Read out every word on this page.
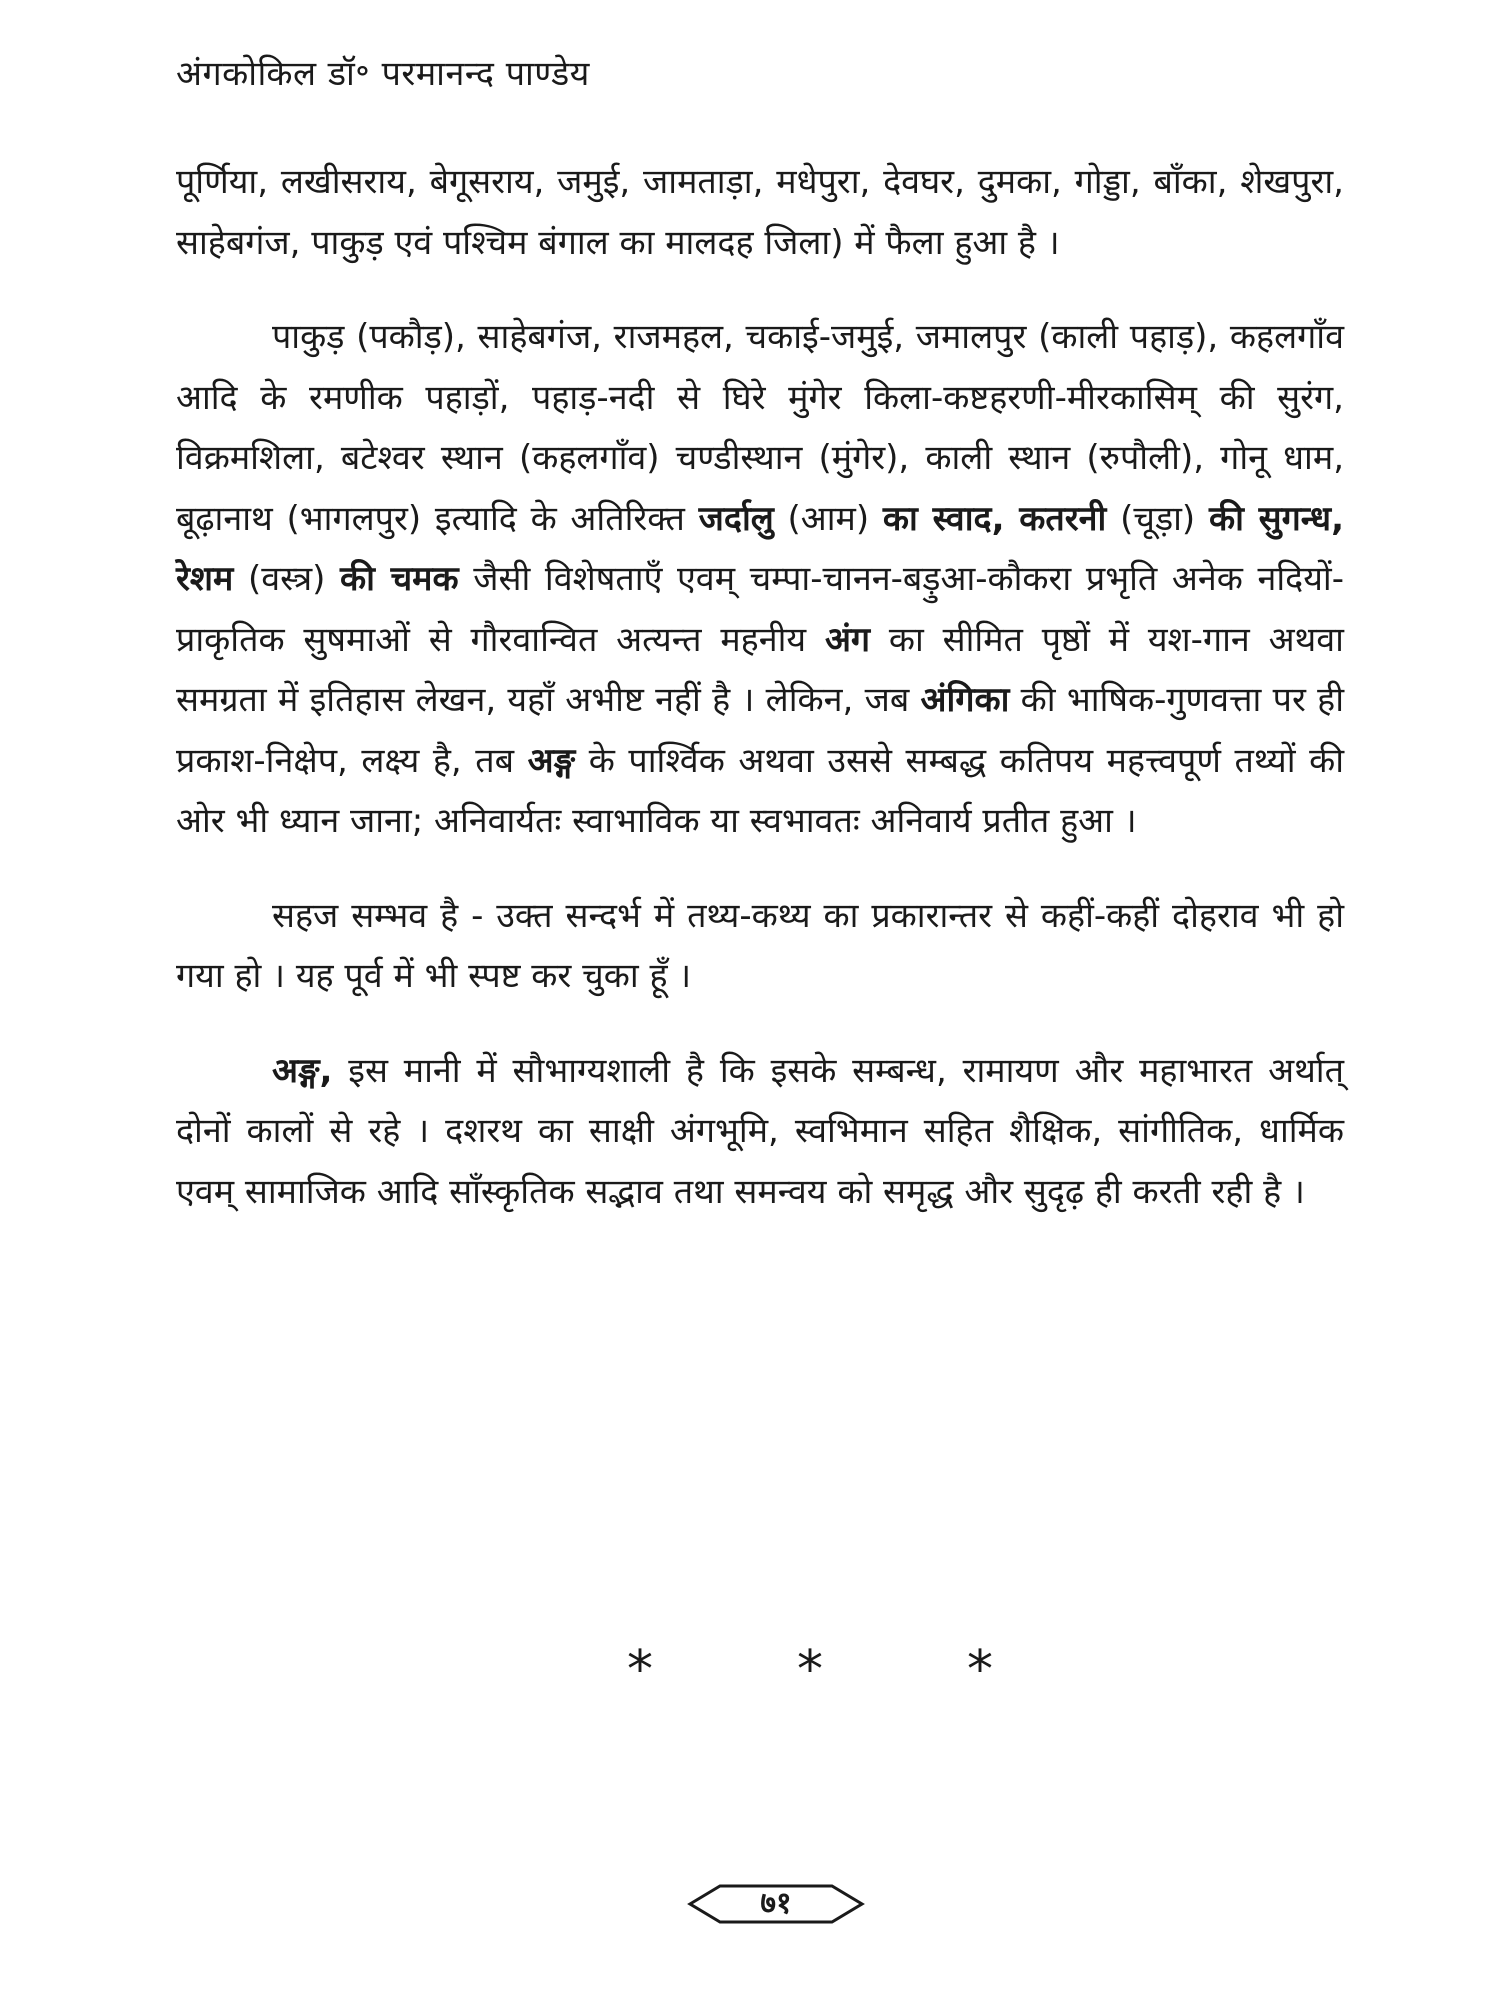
अंगकोकिल डॉ॰ परमानन्द पाण्डेय

पूर्णिया, लखीसराय, बेगूसराय, जमुई, जामताड़ा, मधेपुरा, देवघर, दुमका, गोड्डा, बाँका, शेखपुरा, साहेबगंज, पाकुड़ एवं पश्चिम बंगाल का मालदह जिला) में फैला हुआ है ।

पाकुड़ (पकौड़), साहेबगंज, राजमहल, चकाई-जमुई, जमालपुर (काली पहाड़), कहलगाँव आदि के रमणीक पहाड़ों, पहाड़-नदी से घिरे मुंगेर किला-कष्टहरणी-मीरकासिम् की सुरंग, विक्रमशिला, बटेश्वर स्थान (कहलगाँव) चण्डीस्थान (मुंगेर), काली स्थान (रुपौली), गोनू धाम, बूढ़ानाथ (भागलपुर) इत्यादि के अतिरिक्त जर्दालु (आम) का स्वाद, कतरनी (चूड़ा) की सुगन्ध, रेशम (वस्त्र) की चमक जैसी विशेषताएँ एवम् चम्पा-चानन-बड़ुआ-कौकरा प्रभृति अनेक नदियों-प्राकृतिक सुषमाओं से गौरवान्वित अत्यन्त महनीय अंग का सीमित पृष्ठों में यश-गान अथवा समग्रता में इतिहास लेखन, यहाँ अभीष्ट नहीं है । लेकिन, जब अंगिका की भाषिक-गुणवत्ता पर ही प्रकाश-निक्षेप, लक्ष्य है, तब अङ्ग के पार्श्विक अथवा उससे सम्बद्ध कतिपय महत्त्वपूर्ण तथ्यों की ओर भी ध्यान जाना; अनिवार्यतः स्वाभाविक या स्वभावतः अनिवार्य प्रतीत हुआ ।

सहज सम्भव है - उक्त सन्दर्भ में तथ्य-कथ्य का प्रकारान्तर से कहीं-कहीं दोहराव भी हो गया हो । यह पूर्व में भी स्पष्ट कर चुका हूँ ।

अङ्ग, इस मानी में सौभाग्यशाली है कि इसके सम्बन्ध, रामायण और महाभारत अर्थात् दोनों कालों से रहे । दशरथ का साक्षी अंगभूमि, स्वभिमान सहित शैक्षिक, सांगीतिक, धार्मिक एवम् सामाजिक आदि साँस्कृतिक सद्भाव तथा समन्वय को समृद्ध और सुदृढ़ ही करती रही है ।

*	*	*
७१
